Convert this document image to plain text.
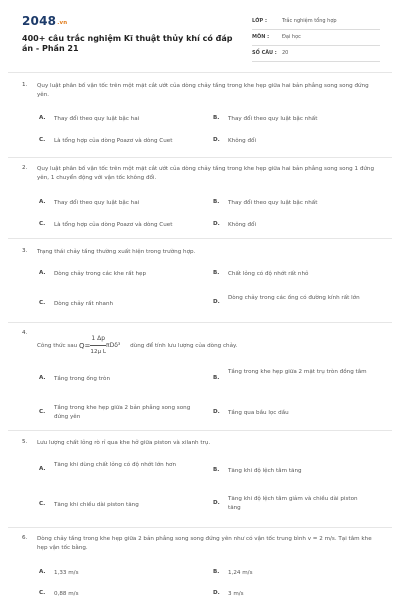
2048.vn
400+ câu trắc nghiệm Kĩ thuật thủy khí có đáp án - Phần 21
LỚP :	Trắc nghiệm tổng hợp
MÔN :	Đại học
SỐ CÂU : 20
1. Quy luật phân bố vận tốc trên một mặt cắt ướt của dòng chảy tầng trong khe hẹp giữa hai bản phẳng song song đứng yên.
A. Thay đổi theo quy luật bậc hai	B. Thay đổi theo quy luật bậc nhất
C. Là tổng hợp của dòng Poazơ và dòng Cuet	D. Không đổi
2. Quy luật phân bố vận tốc trên một mặt cắt ướt của dòng chảy tầng trong khe hẹp giữa hai bản phẳng song song 1 đứng yên, 1 chuyển động với vận tốc không đổi.
A. Thay đổi theo quy luật bậc hai	B. Thay đổi theo quy luật bậc nhất
C. Là tổng hợp của dòng Poazơ và dòng Cuet	D. Không đổi
3. Trạng thái chảy tầng thường xuất hiện trong trường hợp.
A. Dòng chảy trong các khe rất hẹp	B. Chất lỏng có độ nhớt rất nhỏ
C. Dòng chảy rất nhanh	D.
Dòng chảy trong các ống có đường kính rất lớn
4.
Công thức sau $Q= \frac{1 \Delta p}{\text{12μ L}} \pi D\delta^3$ dùng để tính lưu lượng của dòng chảy.
A. Tầng trong ống tròn	B.
Tầng trong khe hẹp giữa 2 mặt trụ tròn đồng tâm
C.
Tầng trong khe hẹp giữa 2 bản phẳng song song đứng yên
D. Tầng qua bầu lọc dầu
5. Lưu lượng chất lỏng rò rỉ qua khe hở giữa piston và xilanh trụ.
A.
Tăng khi dùng chất lỏng có độ nhớt lớn hơn
B. Tăng khi độ lệch tâm tăng
C. Tăng khi chiều dài piston tăng	D.
Tăng khi độ lệch tâm giảm và chiều dài piston tăng
6. Dòng chảy tầng trong khe hẹp giữa 2 bản phẳng song song đứng yên như có vận tốc trung bình v = 2 m/s. Tại tâm khe hẹp vận tốc bằng.
A. 1,33 m/s	B. 1,24 m/s
C. 0,88 m/s	D. 3 m/s
